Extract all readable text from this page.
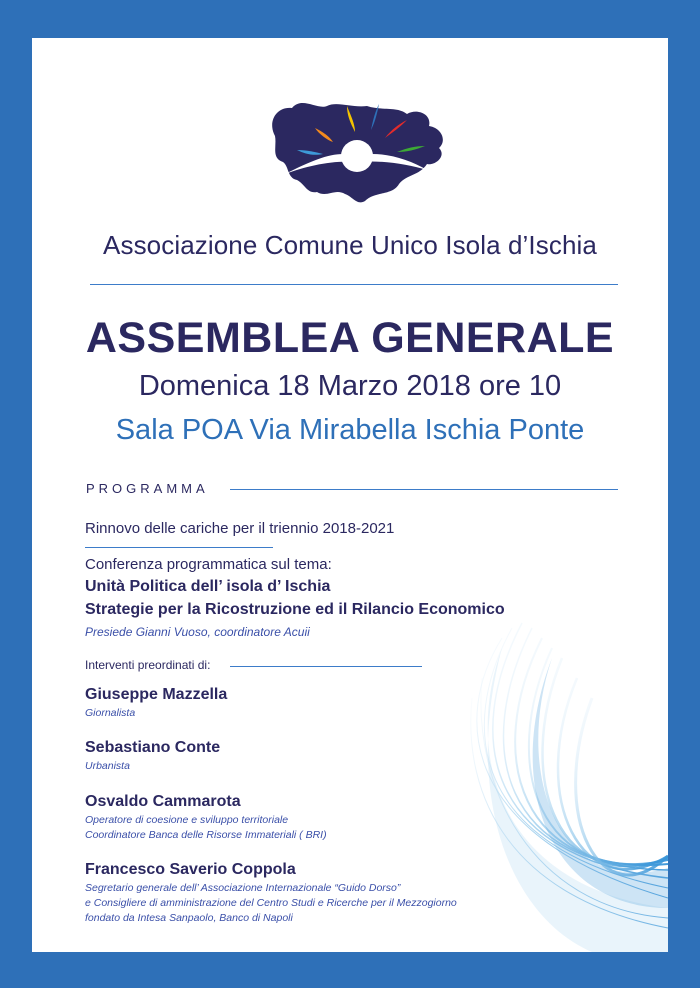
Associazione Comune Unico Isola d’Ischia
ASSEMBLEA GENERALE
Domenica 18 Marzo 2018 ore 10
Sala POA Via Mirabella Ischia Ponte
PROGRAMMA
Rinnovo delle cariche per il triennio 2018-2021
Conferenza programmatica sul tema:
Unità Politica dell’ isola d’ Ischia
Strategie per la Ricostruzione ed il Rilancio Economico
Presiede Gianni Vuoso, coordinatore Acuii
Interventi preordinati di:
Giuseppe Mazzella
Giornalista
Sebastiano Conte
Urbanista
Osvaldo Cammarota
Operatore di coesione e sviluppo territoriale
Coordinatore Banca delle Risorse Immateriali ( BRI)
Francesco Saverio Coppola
Segretario generale dell’ Associazione Internazionale “Guido Dorso”
e Consigliere di amministrazione del Centro Studi e Ricerche per il Mezzogiorno
fondato da Intesa Sanpaolo, Banco di Napoli
